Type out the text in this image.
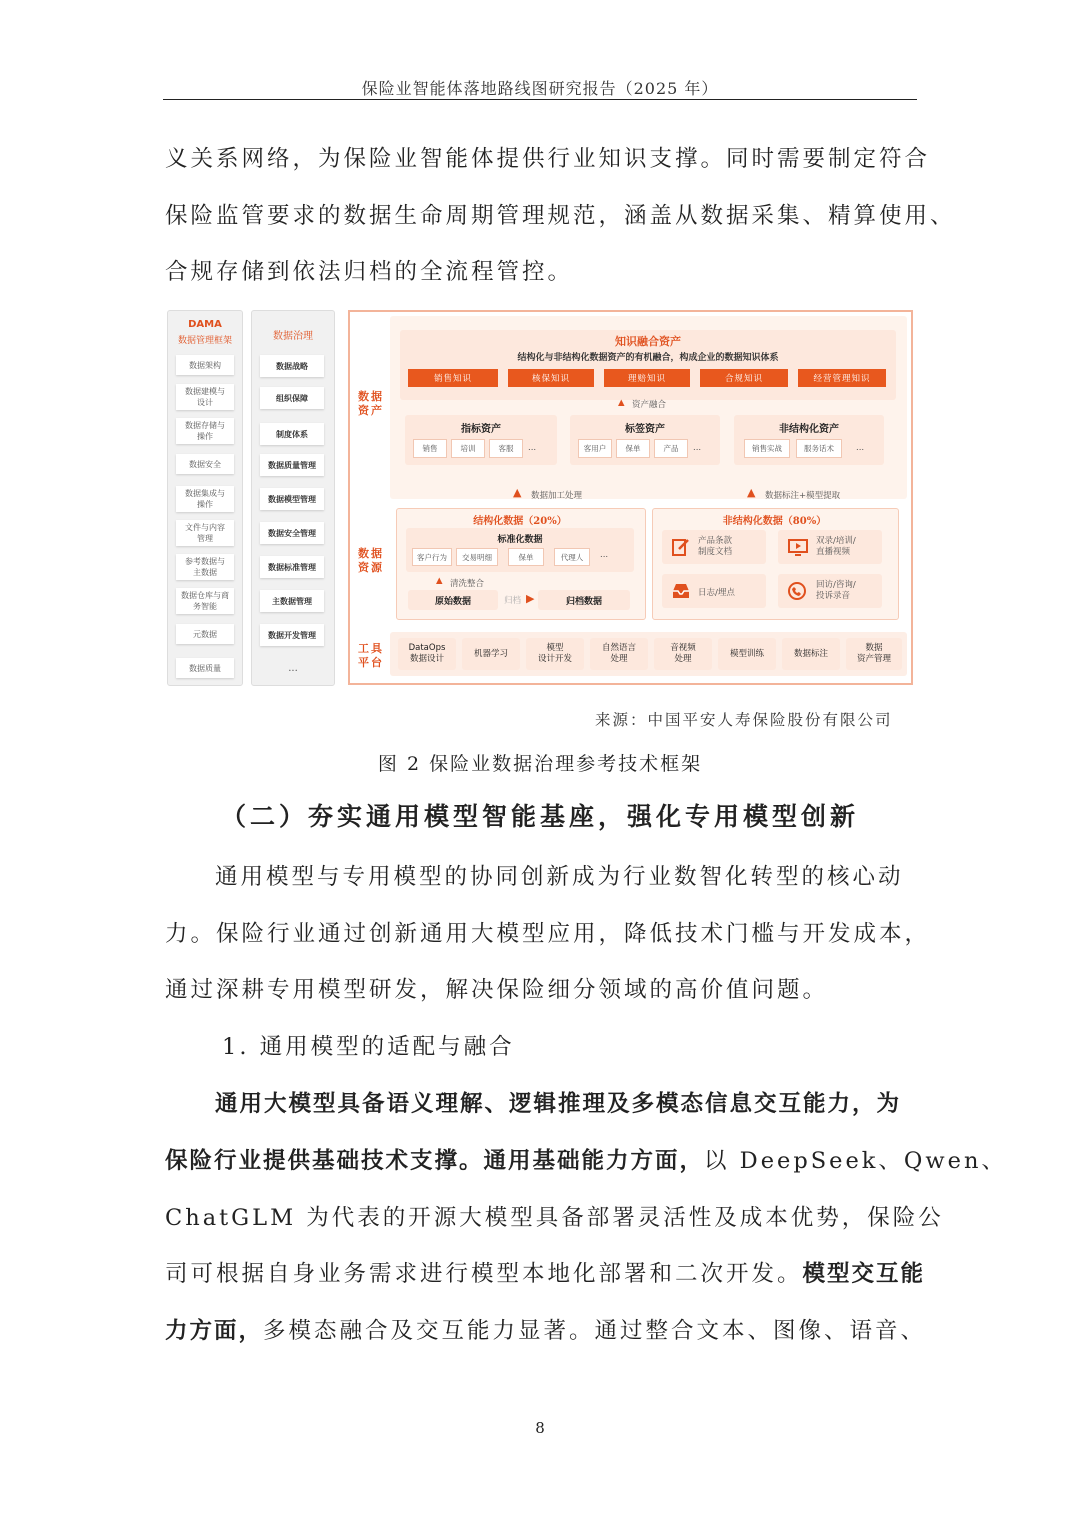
保险业智能体落地路线图研究报告（2025 年）
义关系网络，为保险业智能体提供行业知识支撑。同时需要制定符合
保险监管要求的数据生命周期管理规范，涵盖从数据采集、精算使用、
合规存储到依法归档的全流程管控。
DAMA
数据管理框架
数据架构
数据建模与设计
数据存储与操作
数据安全
数据集成与操作
文件与内容管理
参考数据与主数据
数据仓库与商务智能
元数据
数据质量
数据治理
数据战略
组织保障
制度体系
数据质量管理
数据模型管理
数据安全管理
数据标准管理
主数据管理
数据开发管理
...
数据资产
数据资源
工具平台
知识融合资产
结构化与非结构化数据资产的有机融合，构成企业的数据知识体系
销售知识	核保知识	理赔知识	合规知识	经营管理知识
▲ 资产融合
指标资产
销售	培训	客服	...
标签资产
客用户	保单	产品	...
非结构化资产
销售实战	服务话术	...
▲ 数据加工处理	▲ 数据标注+模型提取
结构化数据（20%）
标准化数据
客户行为	交易明细	保单	代理人	...
▲ 清洗整合
原始数据	归档 ▶	归档数据
非结构化数据（80%）
产品条款
制度文档
双录/培训/
直播视频
日志/埋点
回访/咨询/
投诉录音
DataOps
数据设计
机器学习
模型
设计开发
自然语言
处理
音视频
处理
模型训练	数据标注
数据
资产管理
来源：中国平安人寿保险股份有限公司
图 2 保险业数据治理参考技术框架
（二）夯实通用模型智能基座，强化专用模型创新
通用模型与专用模型的协同创新成为行业数智化转型的核心动
力。保险行业通过创新通用大模型应用，降低技术门槛与开发成本，
通过深耕专用模型研发，解决保险细分领域的高价值问题。
1. 通用模型的适配与融合
通用大模型具备语义理解、逻辑推理及多模态信息交互能力，为
保险行业提供基础技术支撑。通用基础能力方面，以 DeepSeek、Qwen、
ChatGLM 为代表的开源大模型具备部署灵活性及成本优势，保险公
司可根据自身业务需求进行模型本地化部署和二次开发。模型交互能
力方面，多模态融合及交互能力显著。通过整合文本、图像、语音、
8
